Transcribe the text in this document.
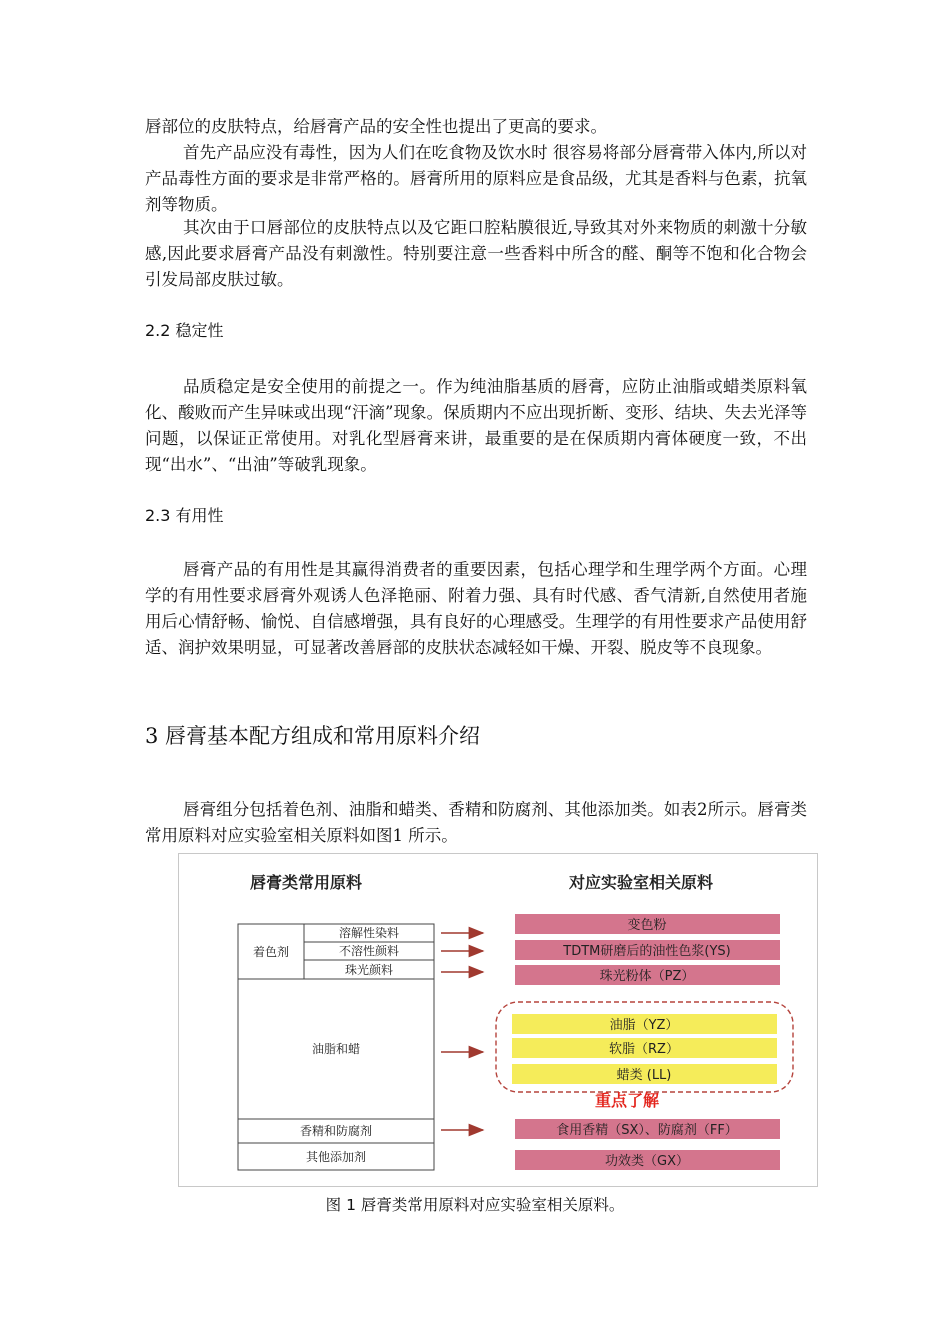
唇部位的皮肤特点，给唇膏产品的安全性也提出了更高的要求。

首先产品应没有毒性，因为人们在吃食物及饮水时 很容易将部分唇膏带入体内,所以对产品毒性方面的要求是非常严格的。唇膏所用的原料应是食品级，尤其是香料与色素，抗氧剂等物质。

其次由于口唇部位的皮肤特点以及它距口腔粘膜很近,导致其对外来物质的刺激十分敏感,因此要求唇膏产品没有刺激性。特别要注意一些香料中所含的醛、酮等不饱和化合物会引发局部皮肤过敏。

2.2 稳定性

品质稳定是安全使用的前提之一。作为纯油脂基质的唇膏，应防止油脂或蜡类原料氧化、酸败而产生异味或出现“汗滴”现象。保质期内不应出现折断、变形、结块、失去光泽等问题，以保证正常使用。对乳化型唇膏来讲，最重要的是在保质期内膏体硬度一致，不出现“出水”、“出油”等破乳现象。

2.3 有用性

唇膏产品的有用性是其赢得消费者的重要因素，包括心理学和生理学两个方面。心理学的有用性要求唇膏外观诱人色泽艳丽、附着力强、具有时代感、香气清新,自然使用者施用后心情舒畅、愉悦、自信感增强，具有良好的心理感受。生理学的有用性要求产品使用舒适、润护效果明显，可显著改善唇部的皮肤状态减轻如干燥、开裂、脱皮等不良现象。

3 唇膏基本配方组成和常用原料介绍

唇膏组分包括着色剂、油脂和蜡类、香精和防腐剂、其他添加类。如表2所示。唇膏类常用原料对应实验室相关原料如图1 所示。

唇膏类常用原料	对应实验室相关原料
着色剂
溶解性染料
不溶性颜料
珠光颜料
油脂和蜡
香精和防腐剂
其他添加剂
变色粉
TDTM研磨后的油性色浆(YS)
珠光粉体（PZ）
油脂（YZ）
软脂（RZ）
蜡类 (LL)
重点了解
食用香精（SX）、防腐剂（FF）
功效类（GX）

图 1 唇膏类常用原料对应实验室相关原料。
